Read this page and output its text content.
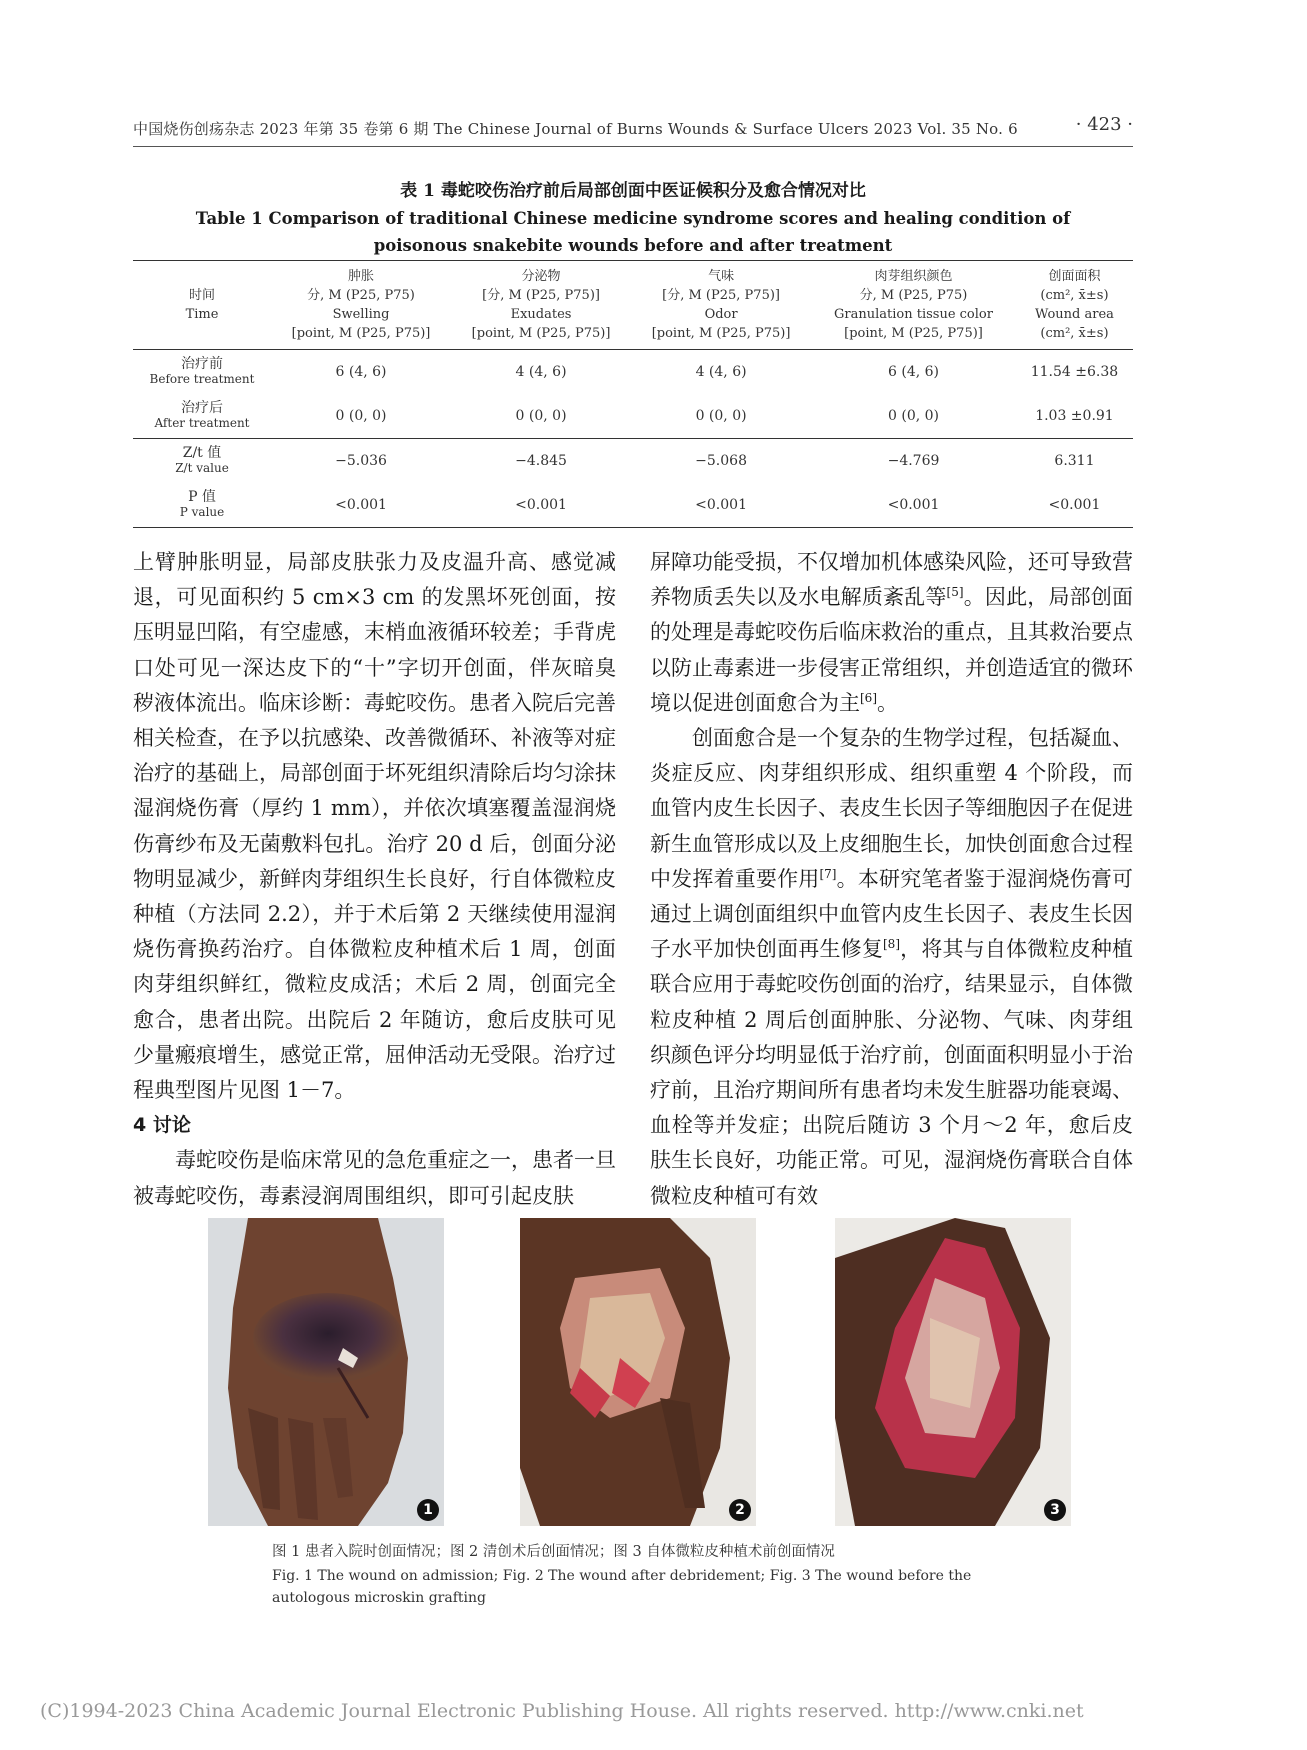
中国烧伤创疡杂志 2023 年第 35 卷第 6 期 The Chinese Journal of Burns Wounds & Surface Ulcers 2023 Vol. 35 No. 6	· 423 ·
表 1 毒蛇咬伤治疗前后局部创面中医证候积分及愈合情况对比
Table 1 Comparison of traditional Chinese medicine syndrome scores and healing condition of
poisonous snakebite wounds before and after treatment
时间
Time	肿胀
分, M (P25, P75)
Swelling
[point, M (P25, P75)]	分泌物
[分, M (P25, P75)]
Exudates
[point, M (P25, P75)]	气味
[分, M (P25, P75)]
Odor
[point, M (P25, P75)]	肉芽组织颜色
分, M (P25, P75)
Granulation tissue color
[point, M (P25, P75)]	创面面积
(cm², x̄±s)
Wound area
(cm², x̄±s)

治疗前
Before treatment	6 (4, 6)	4 (4, 6)	4 (4, 6)	6 (4, 6)	11.54 ±6.38

治疗后
After treatment	0 (0, 0)	0 (0, 0)	0 (0, 0)	0 (0, 0)	1.03 ±0.91

Z/t 值
Z/t value	−5.036	−4.845	−5.068	−4.769	6.311

P 值
P value	<0.001	<0.001	<0.001	<0.001	<0.001

上臂肿胀明显，局部皮肤张力及皮温升高、感觉减退，可见面积约 5 cm×3 cm 的发黑坏死创面，按压明显凹陷，有空虚感，末梢血液循环较差；手背虎口处可见一深达皮下的“十”字切开创面，伴灰暗臭秽液体流出。临床诊断：毒蛇咬伤。患者入院后完善相关检查，在予以抗感染、改善微循环、补液等对症治疗的基础上，局部创面于坏死组织清除后均匀涂抹湿润烧伤膏（厚约 1 mm），并依次填塞覆盖湿润烧伤膏纱布及无菌敷料包扎。治疗 20 d 后，创面分泌物明显减少，新鲜肉芽组织生长良好，行自体微粒皮种植（方法同 2.2），并于术后第 2 天继续使用湿润烧伤膏换药治疗。自体微粒皮种植术后 1 周，创面肉芽组织鲜红，微粒皮成活；术后 2 周，创面完全愈合，患者出院。出院后 2 年随访，愈后皮肤可见少量瘢痕增生，感觉正常，屈伸活动无受限。治疗过程典型图片见图 1－7。

4 讨论

毒蛇咬伤是临床常见的急危重症之一，患者一旦被毒蛇咬伤，毒素浸润周围组织，即可引起皮肤

屏障功能受损，不仅增加机体感染风险，还可导致营养物质丢失以及水电解质紊乱等[5]。因此，局部创面的处理是毒蛇咬伤后临床救治的重点，且其救治要点以防止毒素进一步侵害正常组织，并创造适宜的微环境以促进创面愈合为主[6]。

创面愈合是一个复杂的生物学过程，包括凝血、炎症反应、肉芽组织形成、组织重塑 4 个阶段，而血管内皮生长因子、表皮生长因子等细胞因子在促进新生血管形成以及上皮细胞生长，加快创面愈合过程中发挥着重要作用[7]。本研究笔者鉴于湿润烧伤膏可通过上调创面组织中血管内皮生长因子、表皮生长因子水平加快创面再生修复[8]，将其与自体微粒皮种植联合应用于毒蛇咬伤创面的治疗，结果显示，自体微粒皮种植 2 周后创面肿胀、分泌物、气味、肉芽组织颜色评分均明显低于治疗前，创面面积明显小于治疗前，且治疗期间所有患者均未发生脏器功能衰竭、血栓等并发症；出院后随访 3 个月～2 年，愈后皮肤生长良好，功能正常。可见，湿润烧伤膏联合自体微粒皮种植可有效

1	2	3
图 1 患者入院时创面情况；图 2 清创术后创面情况；图 3 自体微粒皮种植术前创面情况
Fig. 1 The wound on admission; Fig. 2 The wound after debridement; Fig. 3 The wound before the
autologous microskin grafting
(C)1994-2023 China Academic Journal Electronic Publishing House. All rights reserved. http://www.cnki.net
